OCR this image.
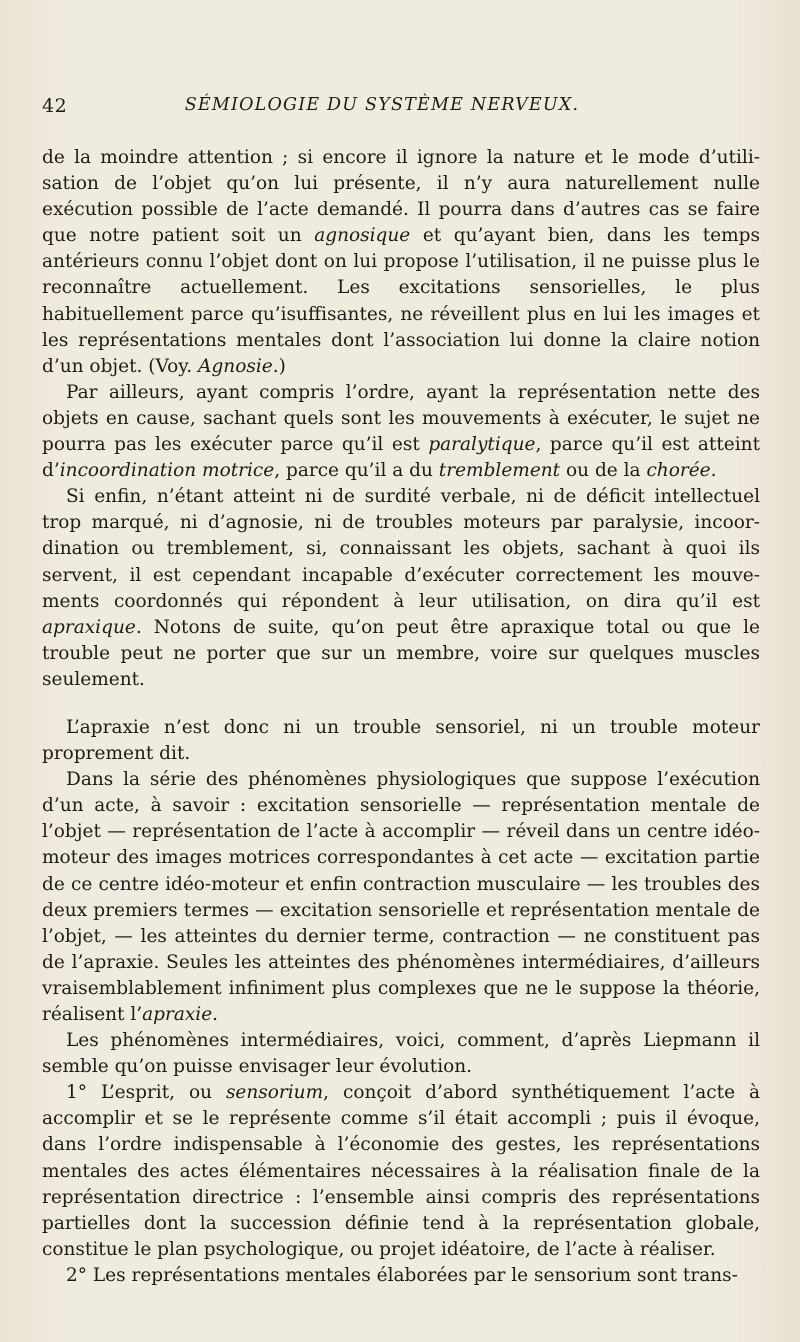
42	SÉMIOLOGIE DU SYSTÈME NERVEUX.

de la moindre attention ; si encore il ignore la nature et le mode d’utilisation de l’objet qu’on lui présente, il n’y aura naturellement nulle exécution possible de l’acte demandé. Il pourra dans d’autres cas se faire que notre patient soit un agnosique et qu’ayant bien, dans les temps antérieurs connu l’objet dont on lui propose l’utilisation, il ne puisse plus le reconnaître actuellement. Les excitations sensorielles, le plus habituellement parce qu’isuffisantes, ne réveillent plus en lui les images et les représentations mentales dont l’association lui donne la claire notion d’un objet. (Voy. Agnosie.)

Par ailleurs, ayant compris l’ordre, ayant la représentation nette des objets en cause, sachant quels sont les mouvements à exécuter, le sujet ne pourra pas les exécuter parce qu’il est paralytique, parce qu’il est atteint d’incoordination motrice, parce qu’il a du tremblement ou de la chorée.

Si enfin, n’étant atteint ni de surdité verbale, ni de déficit intellectuel trop marqué, ni d’agnosie, ni de troubles moteurs par paralysie, incoordination ou tremblement, si, connaissant les objets, sachant à quoi ils servent, il est cependant incapable d’exécuter correctement les mouvements coordonnés qui répondent à leur utilisation, on dira qu’il est apraxique. Notons de suite, qu’on peut être apraxique total ou que le trouble peut ne porter que sur un membre, voire sur quelques muscles seulement.

L’apraxie n’est donc ni un trouble sensoriel, ni un trouble moteur proprement dit.

Dans la série des phénomènes physiologiques que suppose l’exécution d’un acte, à savoir : excitation sensorielle — représentation mentale de l’objet — représentation de l’acte à accomplir — réveil dans un centre idéo-moteur des images motrices correspondantes à cet acte — excitation partie de ce centre idéo-moteur et enfin contraction musculaire — les troubles des deux premiers termes — excitation sensorielle et représentation mentale de l’objet, — les atteintes du dernier terme, contraction — ne constituent pas de l’apraxie. Seules les atteintes des phénomènes intermédiaires, d’ailleurs vraisemblablement infiniment plus complexes que ne le suppose la théorie, réalisent l’apraxie.

Les phénomènes intermédiaires, voici, comment, d’après Liepmann il semble qu’on puisse envisager leur évolution.

1° L’esprit, ou sensorium, conçoit d’abord synthétiquement l’acte à accomplir et se le représente comme s’il était accompli ; puis il évoque, dans l’ordre indispensable à l’économie des gestes, les représentations mentales des actes élémentaires nécessaires à la réalisation finale de la représentation directrice : l’ensemble ainsi compris des représentations partielles dont la succession définie tend à la représentation globale, constitue le plan psychologique, ou projet idéatoire, de l’acte à réaliser.

2° Les représentations mentales élaborées par le sensorium sont trans-
